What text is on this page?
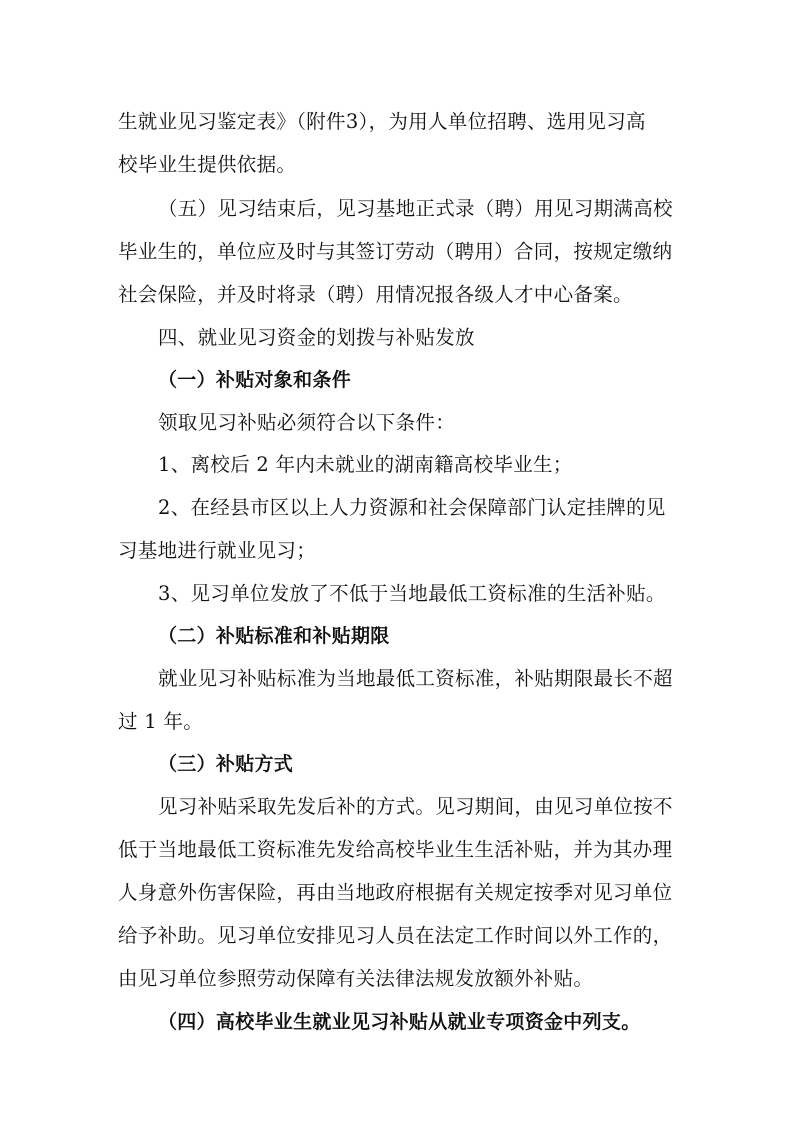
生就业见习鉴定表》（附件3），为用人单位招聘、选用见习高

校毕业生提供依据。

（五）见习结束后，见习基地正式录（聘）用见习期满高校

毕业生的，单位应及时与其签订劳动（聘用）合同，按规定缴纳

社会保险，并及时将录（聘）用情况报各级人才中心备案。

四、就业见习资金的划拨与补贴发放

（一）补贴对象和条件

领取见习补贴必须符合以下条件：

1、离校后 2 年内未就业的湖南籍高校毕业生；

2、在经县市区以上人力资源和社会保障部门认定挂牌的见

习基地进行就业见习；

3、见习单位发放了不低于当地最低工资标准的生活补贴。

（二）补贴标准和补贴期限

就业见习补贴标准为当地最低工资标准，补贴期限最长不超

过 1 年。

（三）补贴方式

见习补贴采取先发后补的方式。见习期间，由见习单位按不

低于当地最低工资标准先发给高校毕业生生活补贴，并为其办理

人身意外伤害保险，再由当地政府根据有关规定按季对见习单位

给予补助。见习单位安排见习人员在法定工作时间以外工作的，

由见习单位参照劳动保障有关法律法规发放额外补贴。

（四）高校毕业生就业见习补贴从就业专项资金中列支。
